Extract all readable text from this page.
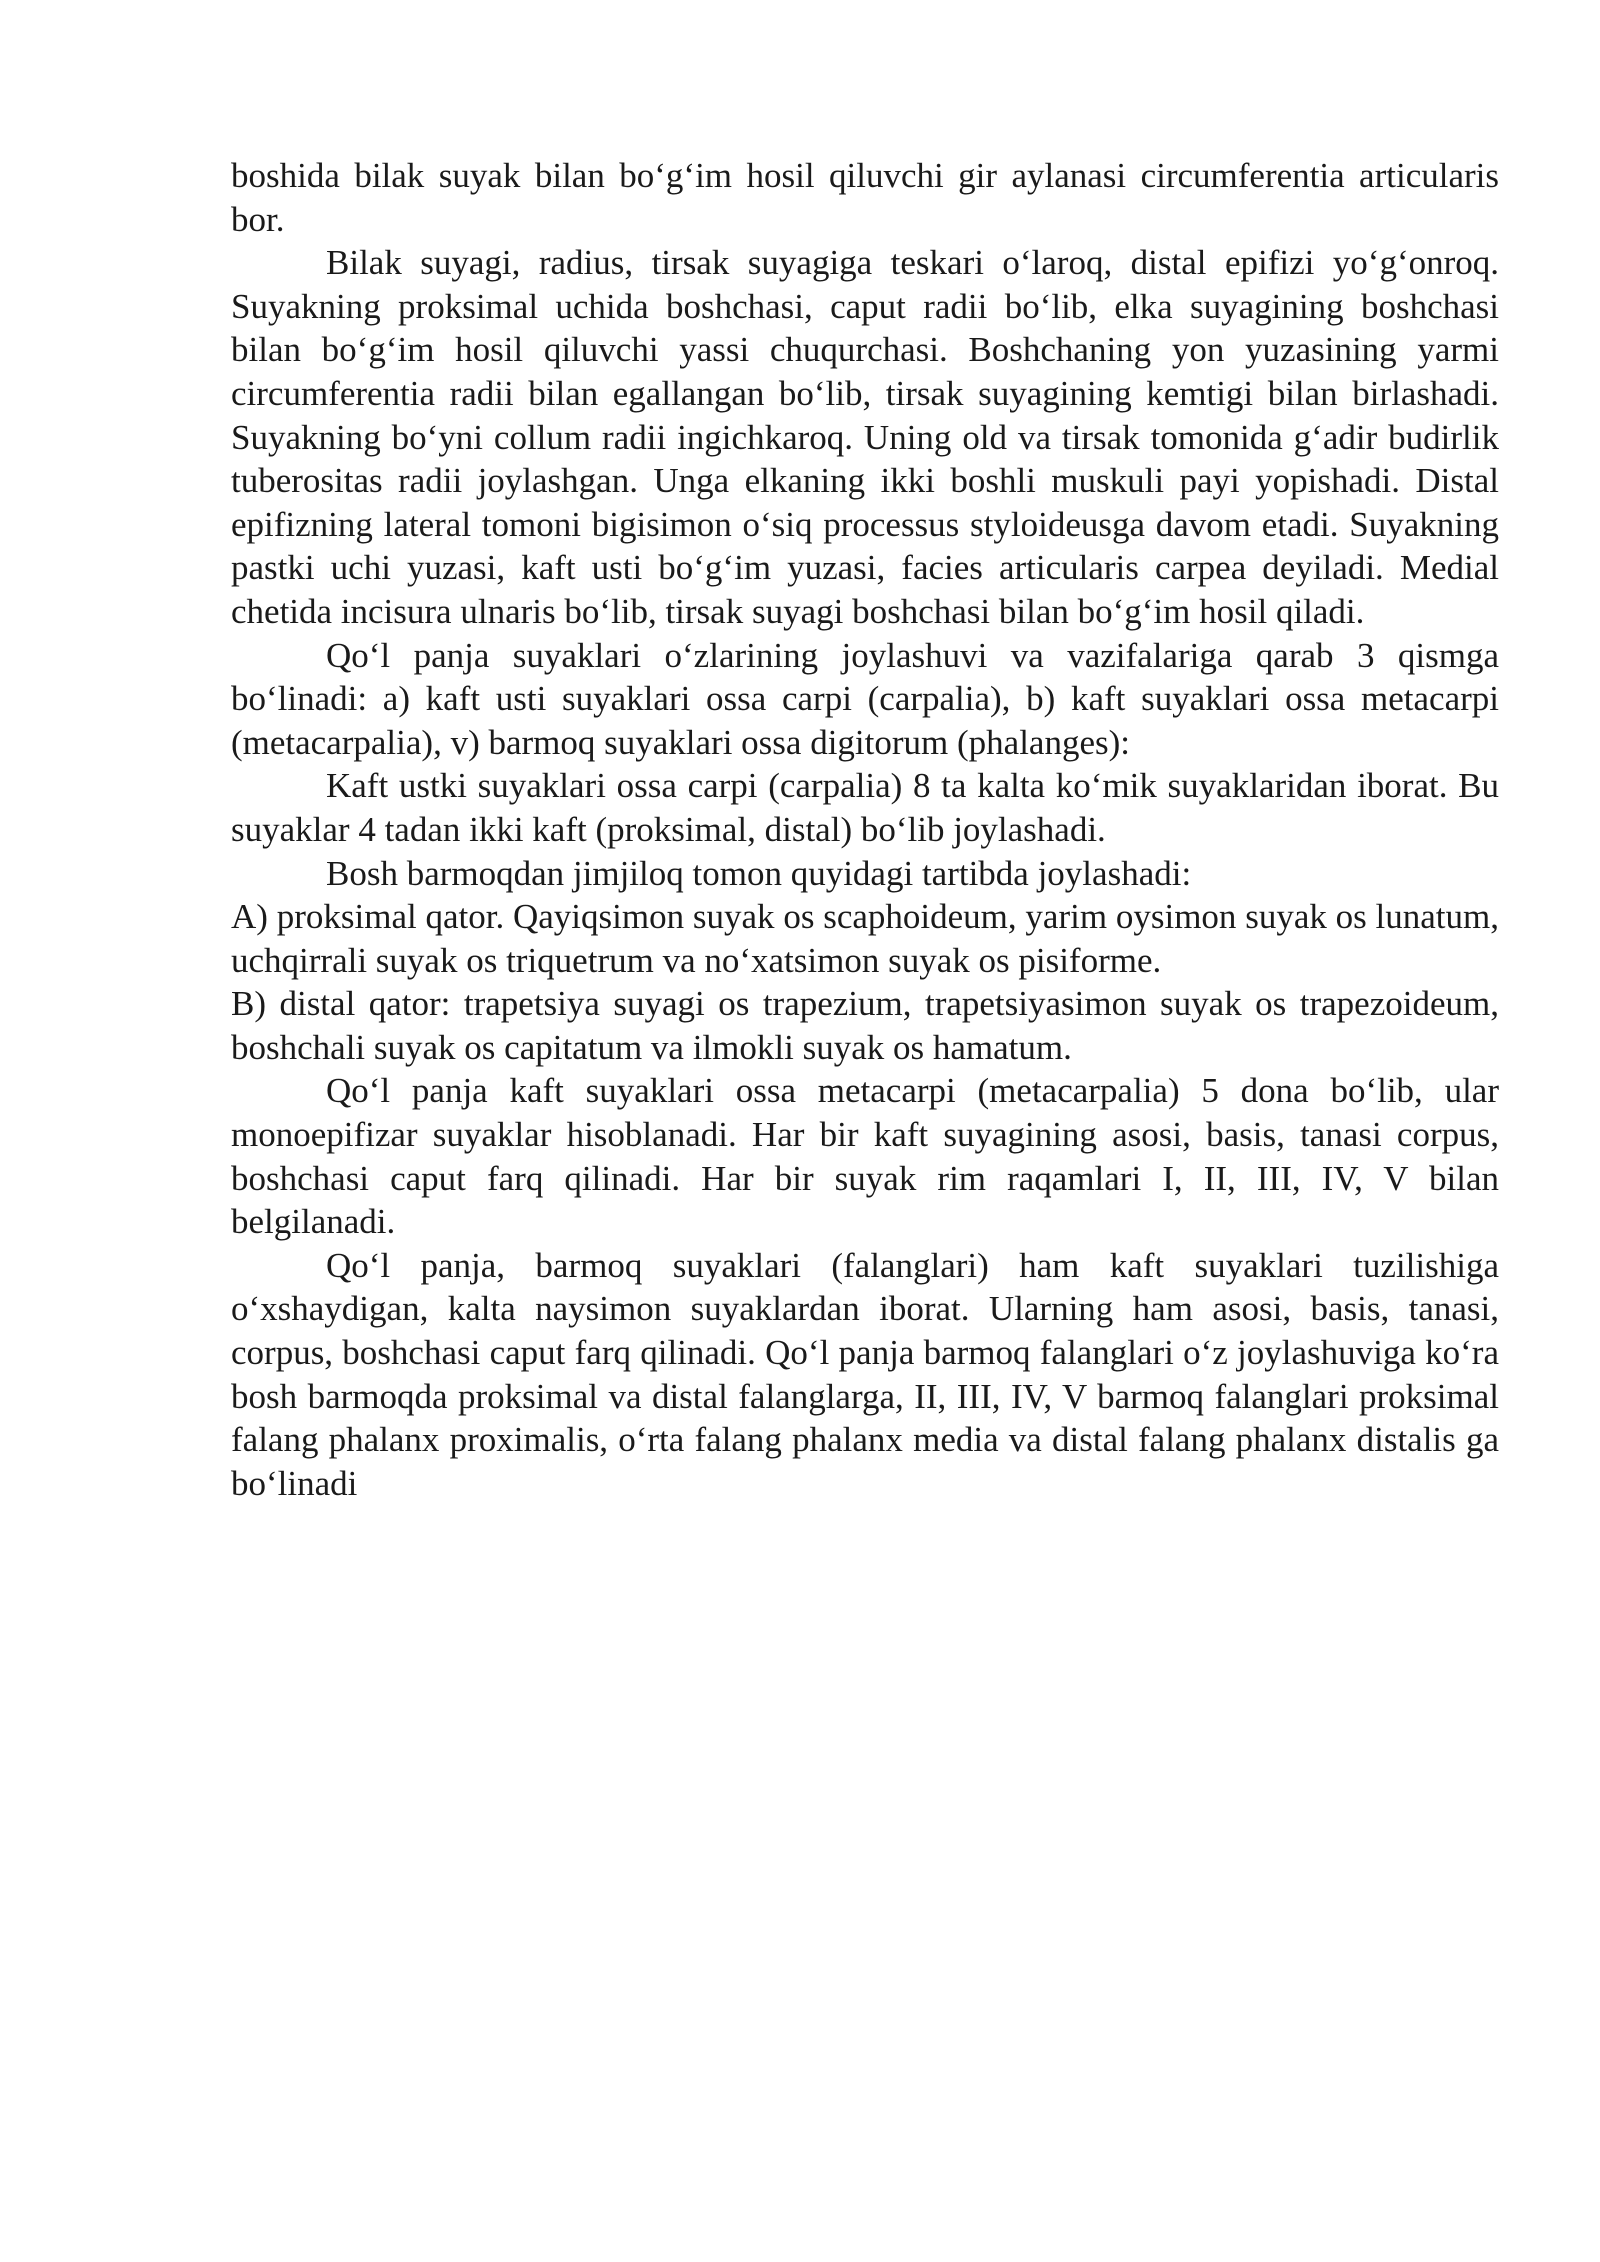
boshida bilak suyak bilan bo‘g‘im hosil qiluvchi gir aylanasi circumferentia articularis bor.

Bilak suyagi, radius, tirsak suyagiga teskari o‘laroq, distal epifizi yo‘g‘onroq. Suyakning proksimal uchida boshchasi, caput radii bo‘lib, elka suyagining boshchasi bilan bo‘g‘im hosil qiluvchi yassi chuqurchasi. Boshchaning yon yuzasining yarmi circumferentia radii bilan egallangan bo‘lib, tirsak suyagining kemtigi bilan birlashadi. Suyakning bo‘yni collum radii ingichkaroq. Uning old va tirsak tomonida g‘adir budirlik tuberositas radii joylashgan. Unga elkaning ikki boshli muskuli payi yopishadi. Distal epifizning lateral tomoni bigisimon o‘siq processus styloideusga davom etadi. Suyakning pastki uchi yuzasi, kaft usti bo‘g‘im yuzasi, facies articularis carpea deyiladi. Medial chetida incisura ulnaris bo‘lib, tirsak suyagi boshchasi bilan bo‘g‘im hosil qiladi.

Qo‘l panja suyaklari o‘zlarining joylashuvi va vazifalariga qarab 3 qismga bo‘linadi: a) kaft usti suyaklari ossa carpi (carpalia), b) kaft suyaklari ossa metacarpi (metacarpalia), v) barmoq suyaklari ossa digitorum (phalanges):

Kaft ustki suyaklari ossa carpi (carpalia) 8 ta kalta ko‘mik suyaklaridan iborat. Bu suyaklar 4 tadan ikki kaft (proksimal, distal) bo‘lib joylashadi.

Bosh barmoqdan jimjiloq tomon quyidagi tartibda joylashadi:

A) proksimal qator. Qayiqsimon suyak os scaphoideum, yarim oysimon suyak os lunatum, uchqirrali suyak os triquetrum va no‘xatsimon suyak os pisiforme.

B) distal qator: trapetsiya suyagi os trapezium, trapetsiyasimon suyak os trapezoideum, boshchali suyak os capitatum va ilmokli suyak os hamatum.

Qo‘l panja kaft suyaklari ossa metacarpi (metacarpalia) 5 dona bo‘lib, ular monoepifizar suyaklar hisoblanadi. Har bir kaft suyagining asosi, basis, tanasi corpus, boshchasi caput farq qilinadi. Har bir suyak rim raqamlari I, II, III, IV, V bilan belgilanadi.

Qo‘l panja, barmoq suyaklari (falanglari) ham kaft suyaklari tuzilishiga o‘xshaydigan, kalta naysimon suyaklardan iborat. Ularning ham asosi, basis, tanasi, corpus, boshchasi caput farq qilinadi. Qo‘l panja barmoq falanglari o‘z joylashuviga ko‘ra bosh barmoqda proksimal va distal falanglarga, II, III, IV, V barmoq falanglari proksimal falang phalanx proximalis, o‘rta falang phalanx media va distal falang phalanx distalis ga bo‘linadi
